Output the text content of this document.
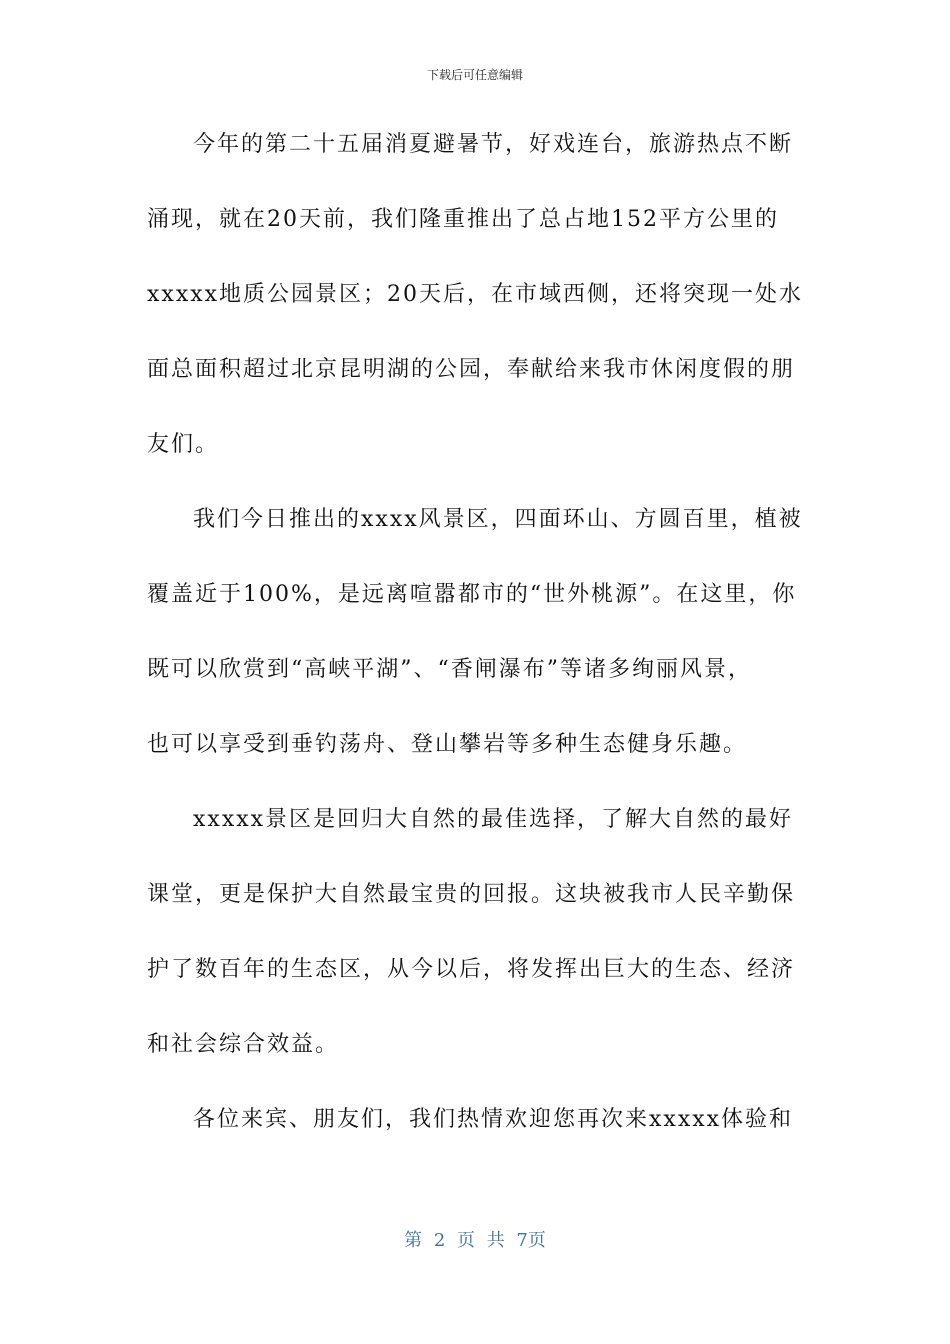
下载后可任意编辑
今年的第二十五届消夏避暑节，好戏连台，旅游热点不断
涌现，就在20天前，我们隆重推出了总占地152平方公里的
xxxxx地质公园景区；20天后，在市域西侧，还将突现一处水
面总面积超过北京昆明湖的公园，奉献给来我市休闲度假的朋
友们。
我们今日推出的xxxx风景区，四面环山、方圆百里，植被
覆盖近于100%，是远离喧嚣都市的“世外桃源”。在这里，你
既可以欣赏到“高峡平湖”、“香闸瀑布”等诸多绚丽风景，
也可以享受到垂钓荡舟、登山攀岩等多种生态健身乐趣。
xxxxx景区是回归大自然的最佳选择，了解大自然的最好
课堂，更是保护大自然最宝贵的回报。这块被我市人民辛勤保
护了数百年的生态区，从今以后，将发挥出巨大的生态、经济
和社会综合效益。
各位来宾、朋友们，我们热情欢迎您再次来xxxxx体验和
第 2 页 共 7页
